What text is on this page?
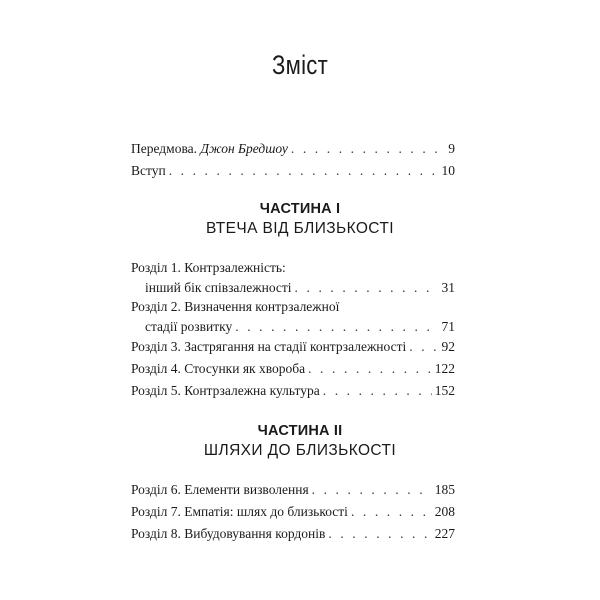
Зміст
Передмова. Джон Бредшоу . . .	9
Вступ . . .	10
ЧАСТИНА I
ВТЕЧА ВІД БЛИЗЬКОСТІ
Розділ 1. Контрзалежність:
інший бік співзалежності . . .	31
Розділ 2. Визначення контрзалежної
стадії розвитку . . .	71
Розділ 3. Застрягання на стадії контрзалежності . . .	92
Розділ 4. Стосунки як хвороба . . .	122
Розділ 5. Контрзалежна культура . . .	152
ЧАСТИНА II
ШЛЯХИ ДО БЛИЗЬКОСТІ
Розділ 6. Елементи визволення . . .	185
Розділ 7. Емпатія: шлях до близькості . . .	208
Розділ 8. Вибудовування кордонів . . .	227
